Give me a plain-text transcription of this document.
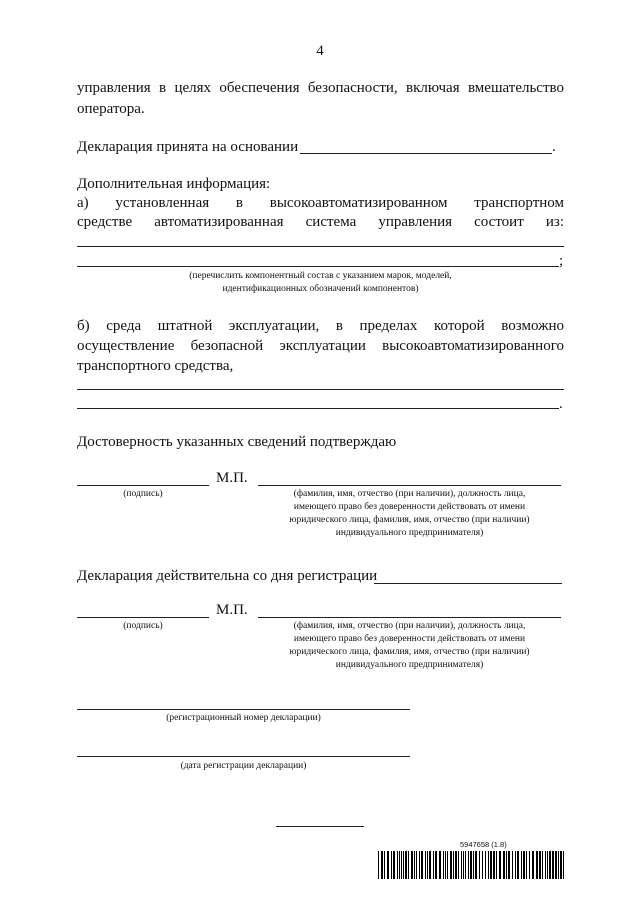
4
управления в целях обеспечения безопасности, включая вмешательство
оператора.
Декларация принята на основании	.
Дополнительная информация:
а) установленная в высокоавтоматизированном транспортном
средстве автоматизированная система управления состоит из:
;
(перечислить компонентный состав с указанием марок, моделей,
идентификационных обозначений компонентов)
б) среда штатной эксплуатации, в пределах которой возможно
осуществление безопасной эксплуатации высокоавтоматизированного
транспортного средства,
.
Достоверность указанных сведений подтверждаю
М.П.
(подпись)	(фамилия, имя, отчество (при наличии), должность лица,
имеющего право без доверенности действовать от имени
юридического лица, фамилия, имя, отчество (при наличии)
индивидуального предпринимателя)
Декларация действительна со дня регистрации
М.П.
(подпись)	(фамилия, имя, отчество (при наличии), должность лица,
имеющего право без доверенности действовать от имени
юридического лица, фамилия, имя, отчество (при наличии)
индивидуального предпринимателя)
(регистрационный номер декларации)
(дата регистрации декларации)
5947658 (1.8)
